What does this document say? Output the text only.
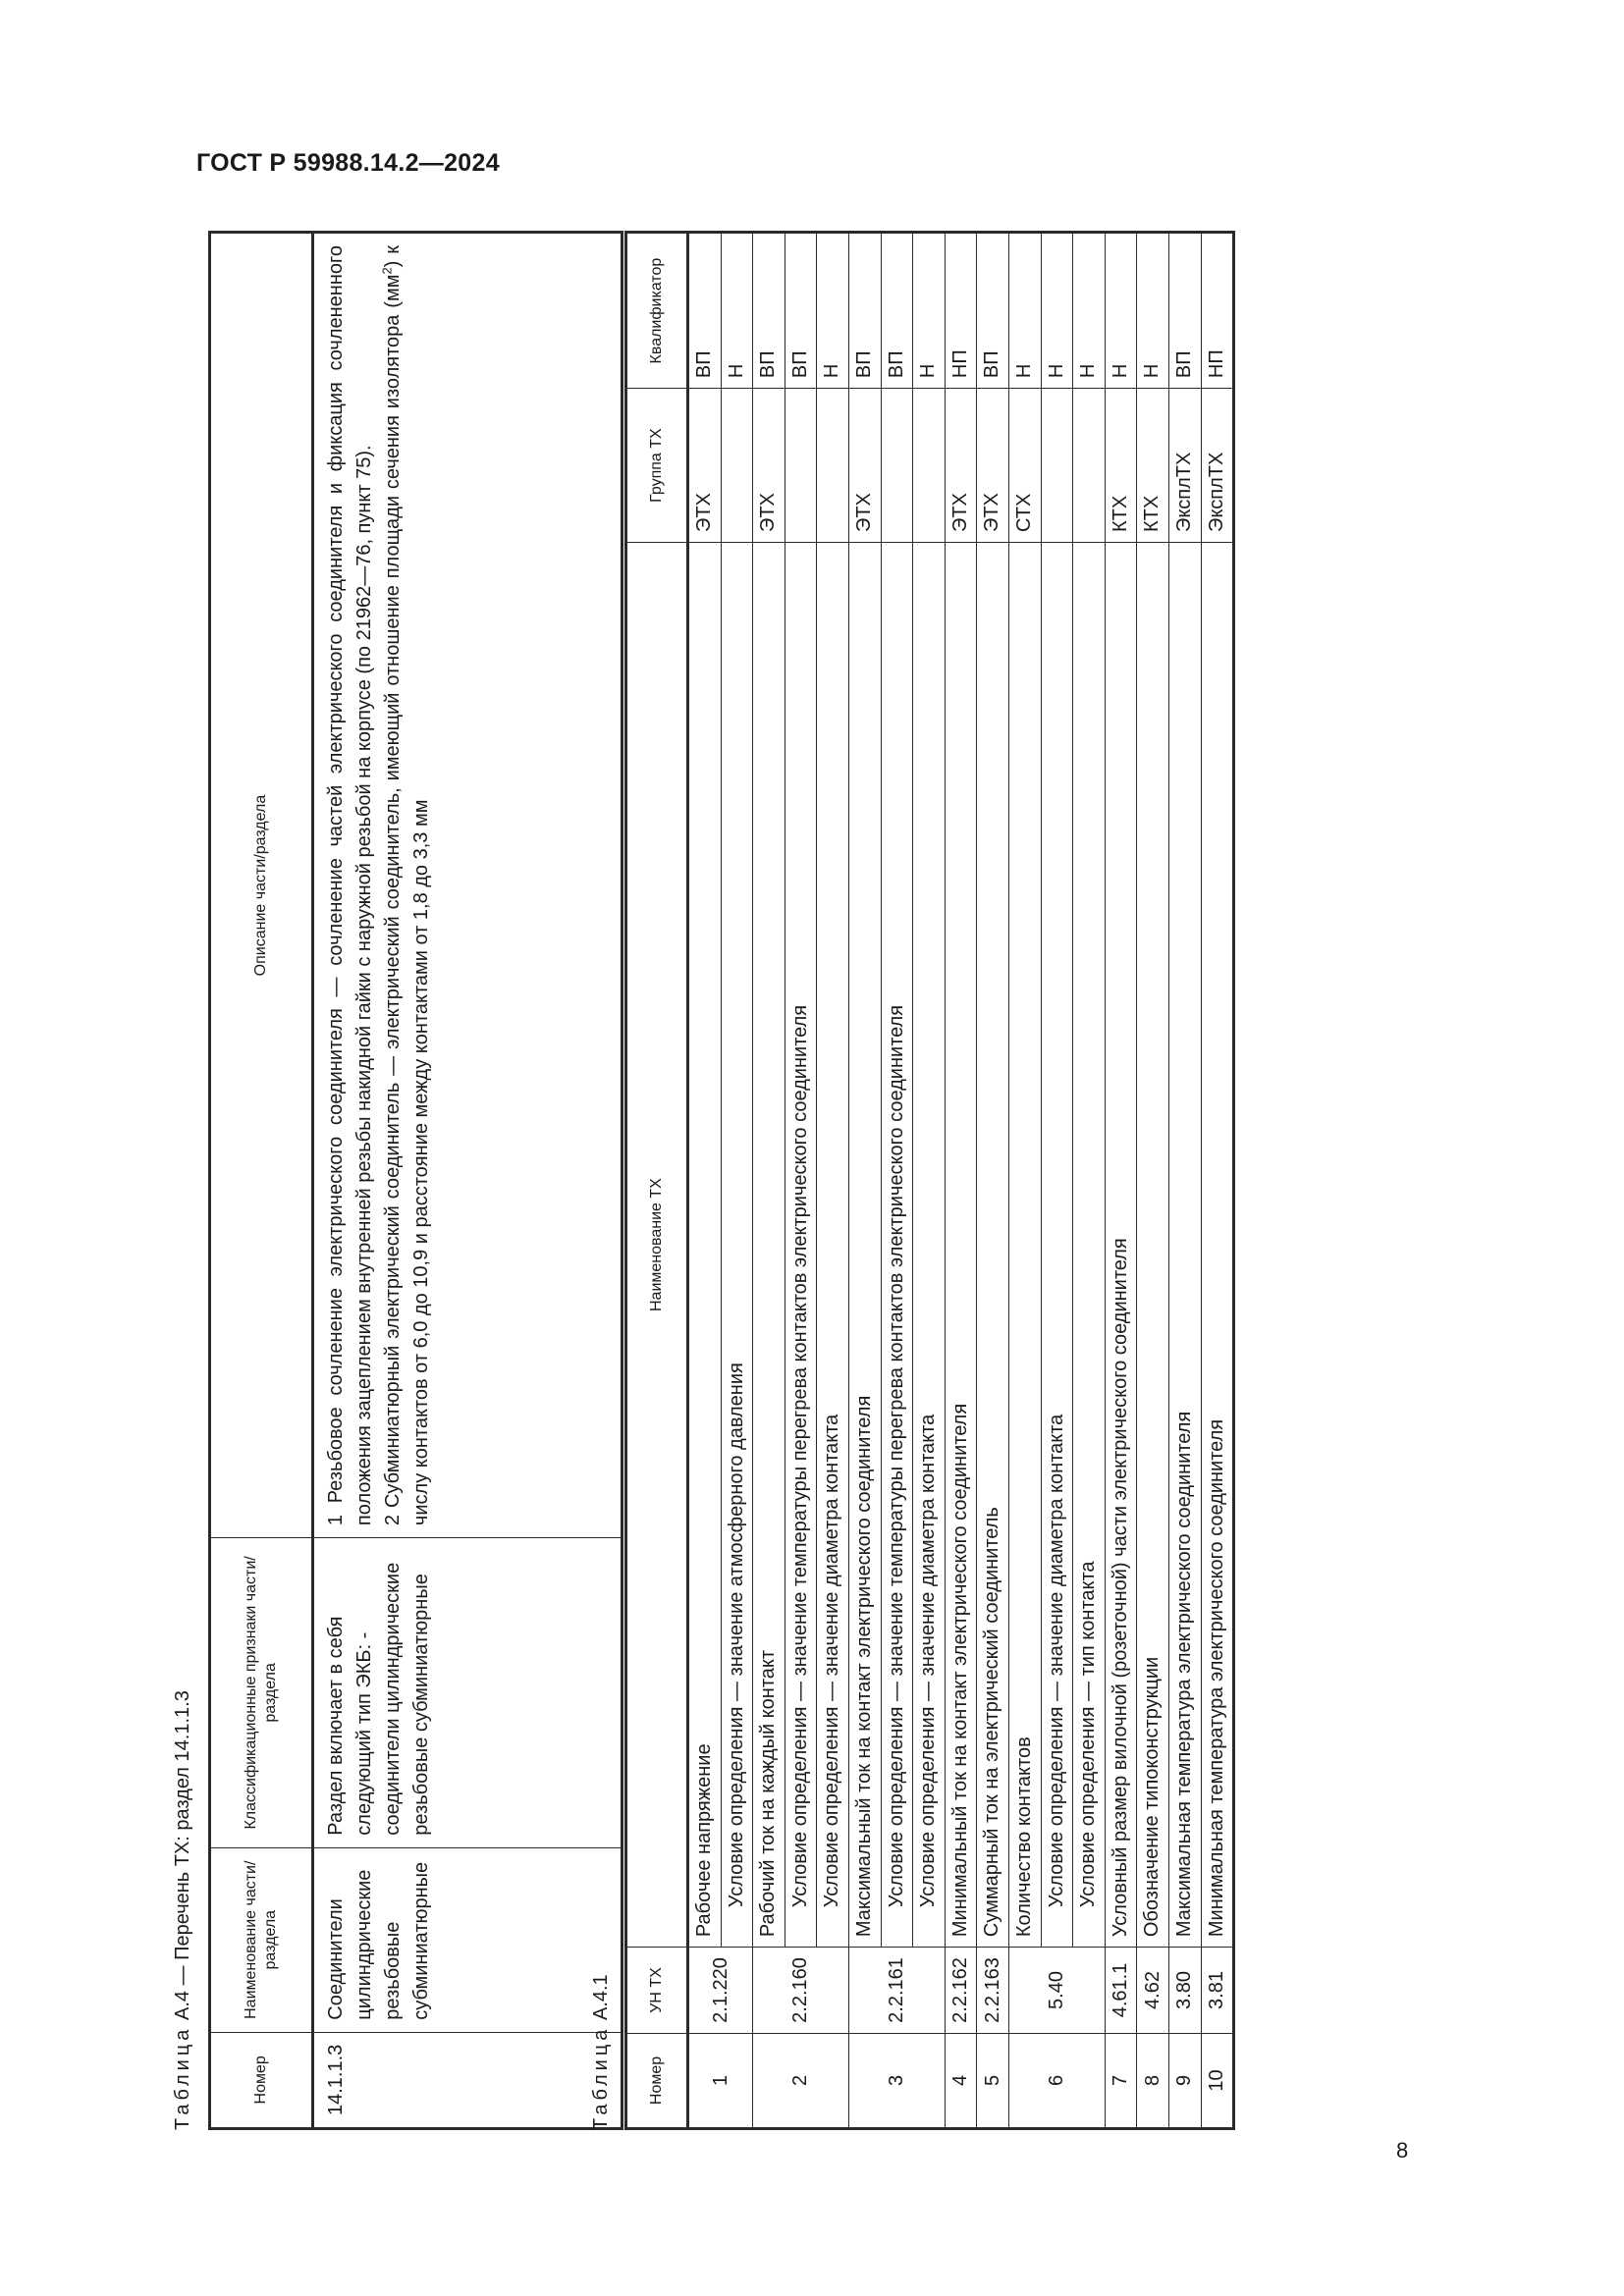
ГОСТ Р 59988.14.2—2024
Таблица А.4 — Перечень ТХ: раздел 14.1.1.3
Номер	Наименование части/раздела	Классификационные признаки части/раздела	Описание части/раздела
14.1.1.3	Соединители цилиндрические резьбовые субминиатюрные	Раздел включает в себя следующий тип ЭКБ: - соединители цилиндрические резьбовые субминиатюрные	1 Резьбовое сочленение электрического соединителя — сочленение частей электрического соединителя и фиксация сочлененного положения зацеплением внутренней резьбы накидной гайки с наружной резьбой на корпусе (по 21962—76, пункт 75). 2 Субминиатюрный электрический соединитель — электрический соединитель, имеющий отношение площади сечения изолятора $(мм^2)$ к числу контактов от 6,0 до 10,9 и расстояние между контактами от 1,8 до 3,3 мм
Таблица А.4.1
Номер	УН ТХ	Наименование ТХ	Группа ТХ	Квалификатор
1	2.1.220	Рабочее напряжение	ЭТХ	ВП
		Условие определения — значение атмосферного давления		Н
2	2.2.160	Рабочий ток на каждый контакт	ЭТХ	ВП
		Условие определения — значение температуры перегрева контактов электрического соединителя		ВП
		Условие определения — значение диаметра контакта		Н
3	2.2.161	Максимальный ток на контакт электрического соединителя	ЭТХ	ВП
		Условие определения — значение температуры перегрева контактов электрического соединителя		ВП
		Условие определения — значение диаметра контакта		Н
4	2.2.162	Минимальный ток на контакт электрического соединителя	ЭТХ	НП
5	2.2.163	Суммарный ток на электрический соединитель	ЭТХ	ВП
6	5.40	Количество контактов	СТХ	Н
		Условие определения — значение диаметра контакта		Н
		Условие определения — тип контакта		Н
7	4.61.1	Условный размер вилочной (розеточной) части электрического соединителя	КТХ	Н
8	4.62	Обозначение типоконструкции	КТХ	Н
9	3.80	Максимальная температура электрического соединителя	ЭксплТХ	ВП
10	3.81	Минимальная температура электрического соединителя	ЭксплТХ	НП
8
